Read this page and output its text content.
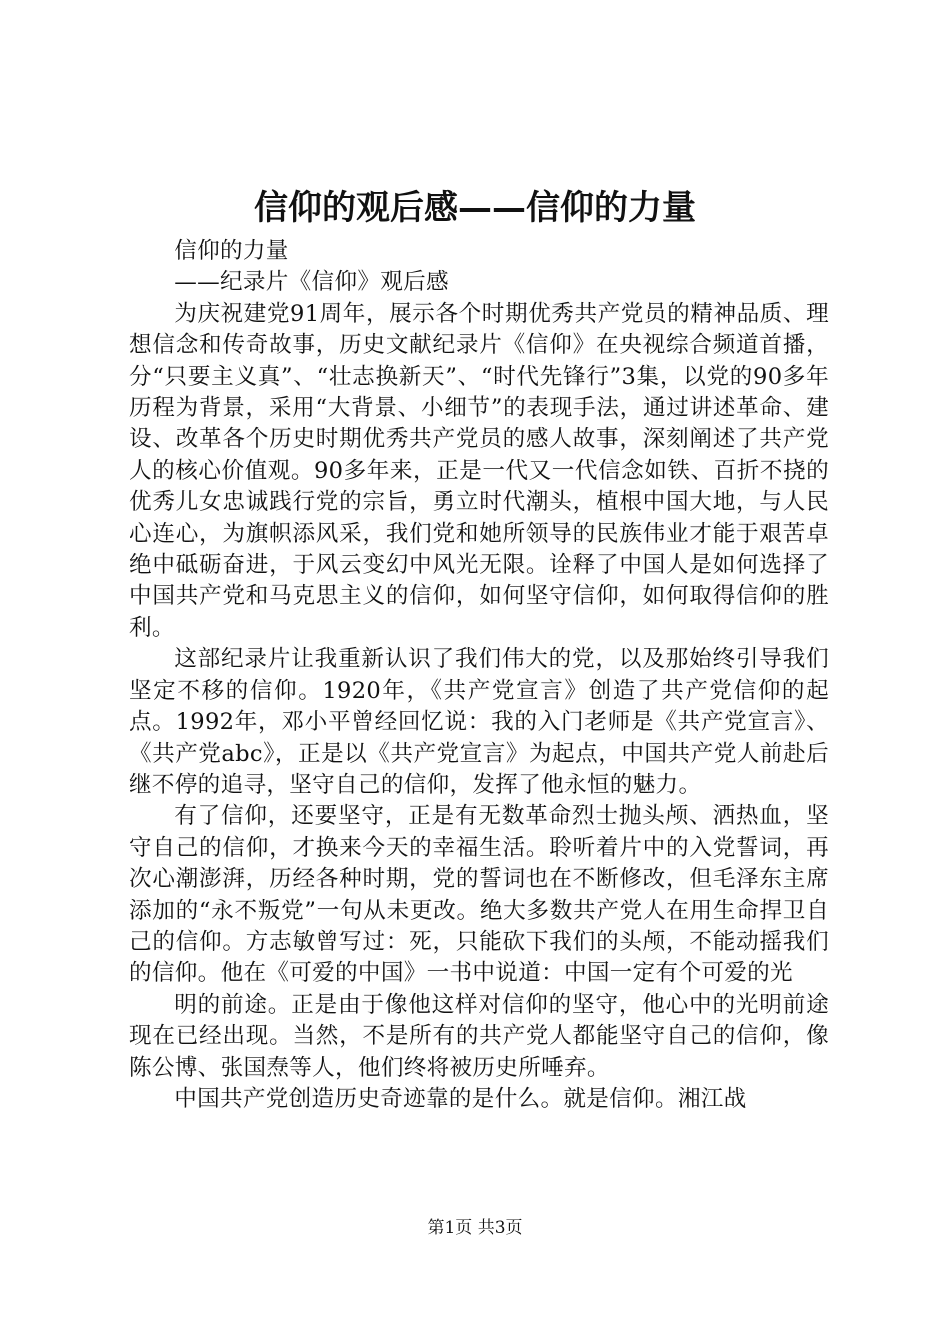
信仰的观后感——信仰的力量

信仰的力量

——纪录片《信仰》观后感

为庆祝建党91周年，展示各个时期优秀共产党员的精神品质、理想信念和传奇故事，历史文献纪录片《信仰》在央视综合频道首播，分“只要主义真”、“壮志换新天”、“时代先锋行”3集，以党的90多年历程为背景，采用“大背景、小细节”的表现手法，通过讲述革命、建设、改革各个历史时期优秀共产党员的感人故事，深刻阐述了共产党人的核心价值观。90多年来，正是一代又一代信念如铁、百折不挠的优秀儿女忠诚践行党的宗旨，勇立时代潮头，植根中国大地，与人民心连心，为旗帜添风采，我们党和她所领导的民族伟业才能于艰苦卓绝中砥砺奋进，于风云变幻中风光无限。诠释了中国人是如何选择了中国共产党和马克思主义的信仰，如何坚守信仰，如何取得信仰的胜利。

这部纪录片让我重新认识了我们伟大的党，以及那始终引导我们坚定不移的信仰。1920年，《共产党宣言》创造了共产党信仰的起点。1992年，邓小平曾经回忆说：我的入门老师是《共产党宣言》、《共产党abc》，正是以《共产党宣言》为起点，中国共产党人前赴后继不停的追寻，坚守自己的信仰，发挥了他永恒的魅力。

有了信仰，还要坚守，正是有无数革命烈士抛头颅、洒热血，坚守自己的信仰，才换来今天的幸福生活。聆听着片中的入党誓词，再次心潮澎湃，历经各种时期，党的誓词也在不断修改，但毛泽东主席添加的“永不叛党”一句从未更改。绝大多数共产党人在用生命捍卫自己的信仰。方志敏曾写过：死，只能砍下我们的头颅，不能动摇我们的信仰。他在《可爱的中国》一书中说道：中国一定有个可爱的光

明的前途。正是由于像他这样对信仰的坚守，他心中的光明前途现在已经出现。当然，不是所有的共产党人都能坚守自己的信仰，像陈公博、张国焘等人，他们终将被历史所唾弃。

中国共产党创造历史奇迹靠的是什么。就是信仰。湘江战

第1页 共3页
